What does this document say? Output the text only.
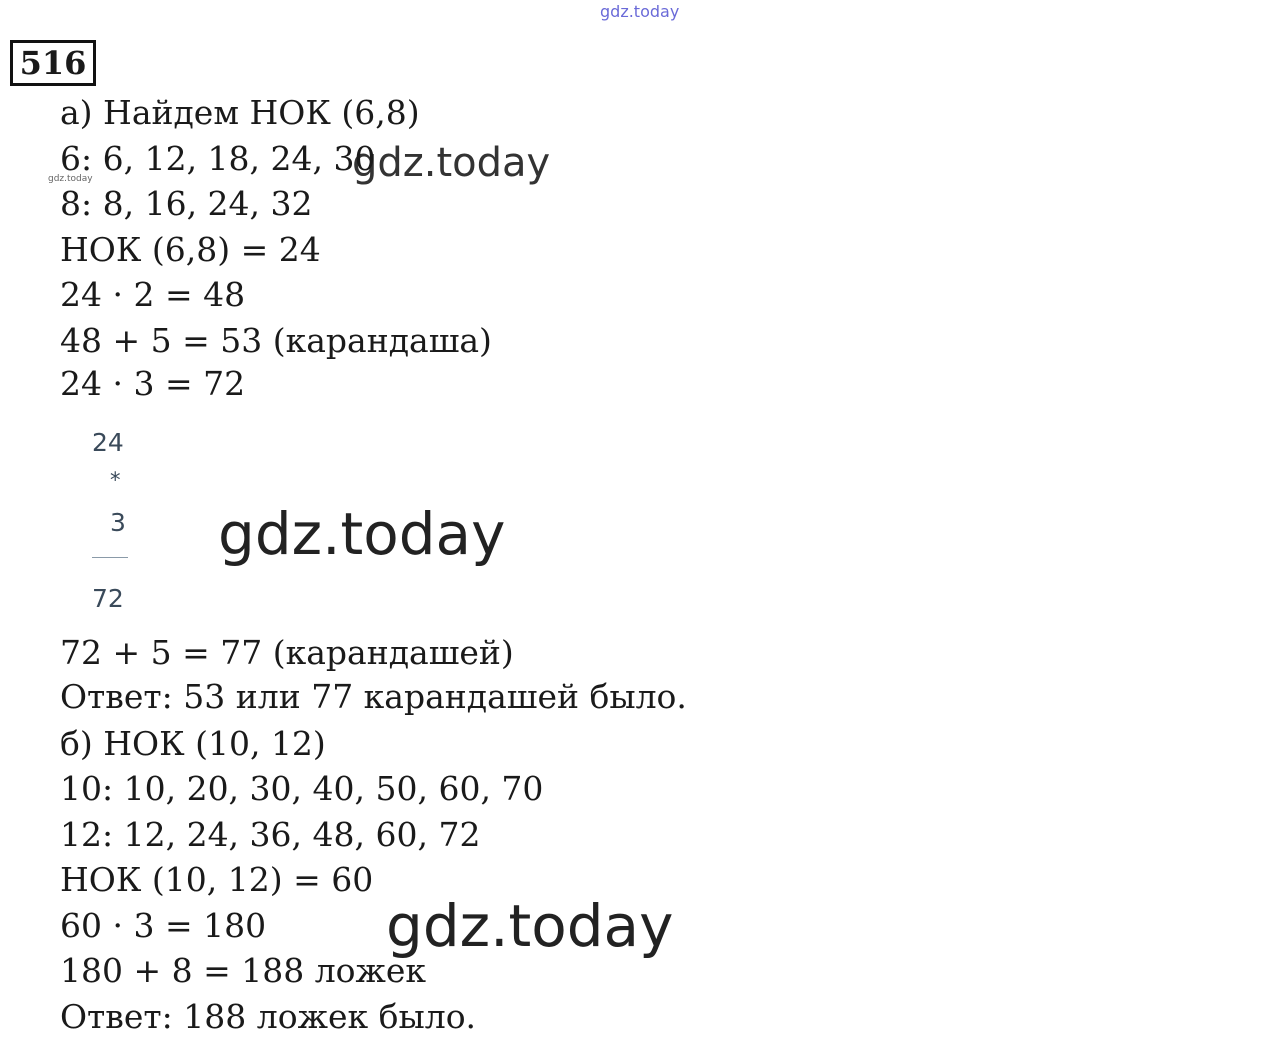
gdz.today
gdz.today	gdz.today
gdz.today
gdz.today
516
а) Найдем НОК (6,8)
6: 6, 12, 18, 24, 30
8: 8, 16, 24, 32
НОК (6,8) = 24
24 · 2 = 48
48 + 5 = 53 (карандаша)
24 · 3 = 72
24
*
3
72
72 + 5 = 77 (карандашей)
Ответ: 53 или 77 карандашей было.
б) НОК (10, 12)
10: 10, 20, 30, 40, 50, 60, 70
12: 12, 24, 36, 48, 60, 72
НОК (10, 12) = 60
60 · 3 = 180
180 + 8 = 188 ложек
Ответ: 188 ложек было.
